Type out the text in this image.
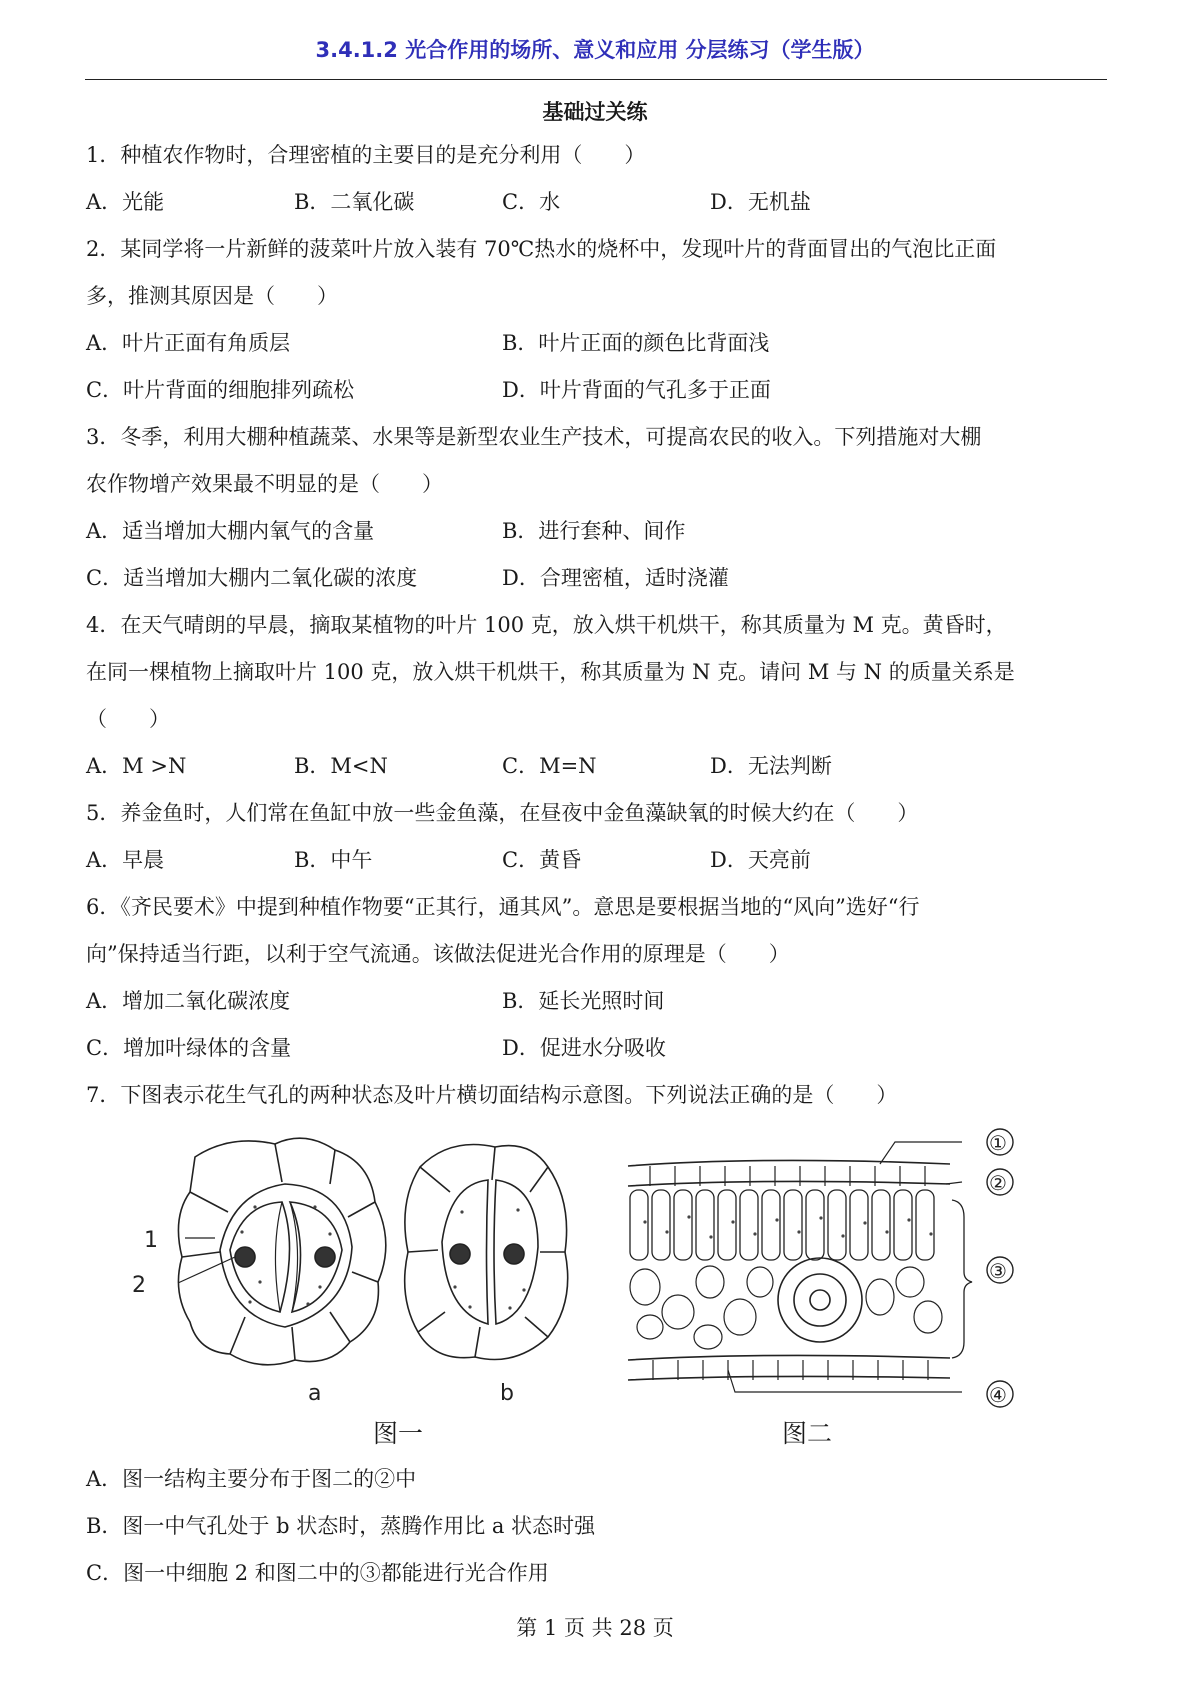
3.4.1.2 光合作用的场所、意义和应用 分层练习（学生版）
基础过关练
1．种植农作物时，合理密植的主要目的是充分利用（　　）
A．光能	B．二氧化碳	C．水	D．无机盐
2．某同学将一片新鲜的菠菜叶片放入装有 70℃热水的烧杯中，发现叶片的背面冒出的气泡比正面
多，推测其原因是（　　）
A．叶片正面有角质层	B．叶片正面的颜色比背面浅
C．叶片背面的细胞排列疏松	D．叶片背面的气孔多于正面
3．冬季，利用大棚种植蔬菜、水果等是新型农业生产技术，可提高农民的收入。下列措施对大棚
农作物增产效果最不明显的是（　　）
A．适当增加大棚内氧气的含量	B．进行套种、间作
C．适当增加大棚内二氧化碳的浓度	D．合理密植，适时浇灌
4．在天气晴朗的早晨，摘取某植物的叶片 100 克，放入烘干机烘干，称其质量为 M 克。黄昏时，
在同一棵植物上摘取叶片 100 克，放入烘干机烘干，称其质量为 N 克。请问 M 与 N 的质量关系是
（　　）
A．M >N	B．M<N	C．M=N	D．无法判断
5．养金鱼时，人们常在鱼缸中放一些金鱼藻，在昼夜中金鱼藻缺氧的时候大约在（　　）
A．早晨	B．中午	C．黄昏	D．天亮前
6．《齐民要术》中提到种植作物要“正其行，通其风”。意思是要根据当地的“风向”选好“行
向”保持适当行距，以利于空气流通。该做法促进光合作用的原理是（　　）
A．增加二氧化碳浓度	B．延长光照时间
C．增加叶绿体的含量	D．促进水分吸收
7．下图表示花生气孔的两种状态及叶片横切面结构示意图。下列说法正确的是（　　）
1
2
a	b
①
②
③
④
图一	图二
A．图一结构主要分布于图二的②中
B．图一中气孔处于 b 状态时，蒸腾作用比 a 状态时强
C．图一中细胞 2 和图二中的③都能进行光合作用
第 1 页 共 28 页
